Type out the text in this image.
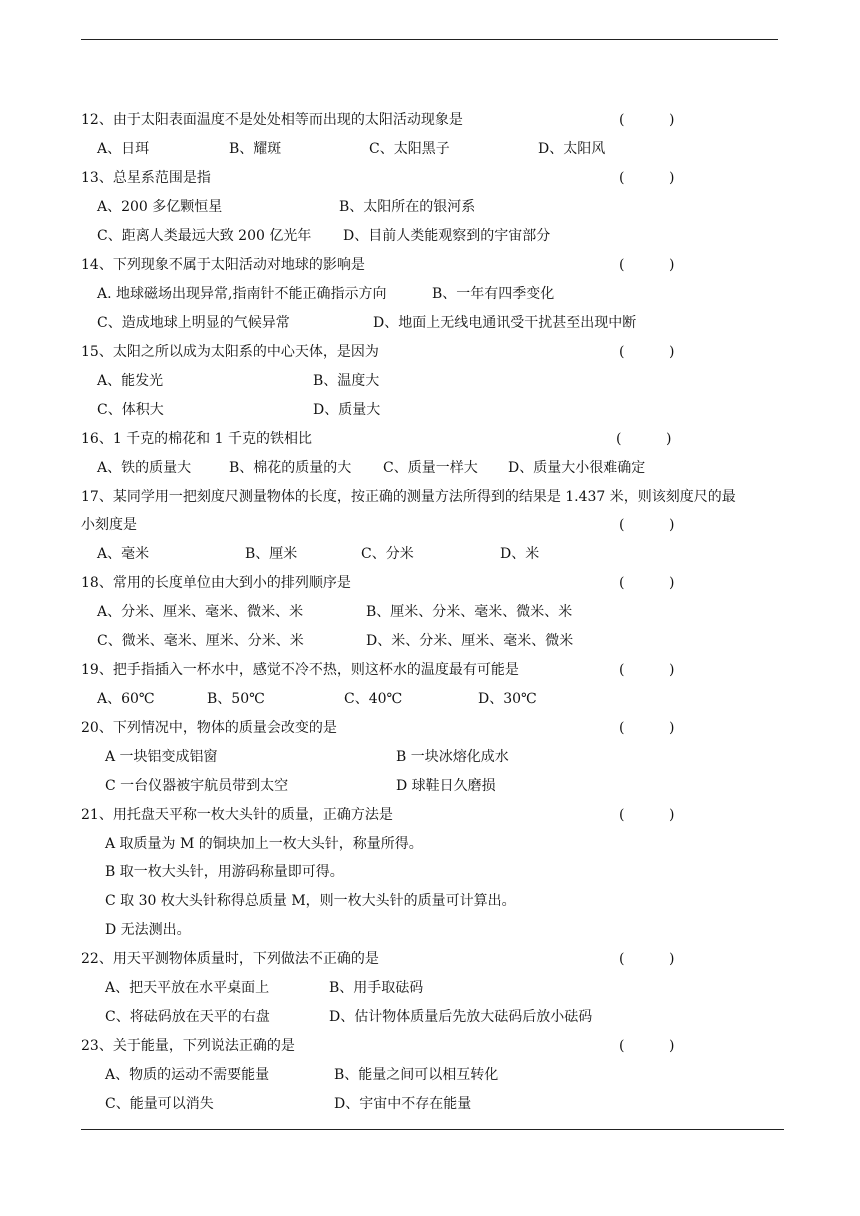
12、由于太阳表面温度不是处处相等而出现的太阳活动现象是	(          )
A、日珥	B、耀斑	C、太阳黑子	D、太阳风
13、总星系范围是指	(          )
A、200 多亿颗恒星	B、太阳所在的银河系
C、距离人类最远大致 200 亿光年 D、目前人类能观察到的宇宙部分
14、下列现象不属于太阳活动对地球的影响是	(          )
A. 地球磁场出现异常,指南针不能正确指示方向	B、一年有四季变化
C、造成地球上明显的气候异常	D、地面上无线电通讯受干扰甚至出现中断
15、太阳之所以成为太阳系的中心天体，是因为	(          )
A、能发光	B、温度大
C、体积大	D、质量大
16、1 千克的棉花和 1 千克的铁相比	(          )
A、铁的质量大	B、棉花的质量的大 C、质量一样大 D、质量大小很难确定
17、某同学用一把刻度尺测量物体的长度，按正确的测量方法所得到的结果是 1.437 米，则该刻度尺的最
小刻度是	(          )
A、毫米	B、厘米	C、分米	D、米
18、常用的长度单位由大到小的排列顺序是	(          )
A、分米、厘米、毫米、微米、米	B、厘米、分米、毫米、微米、米
C、微米、毫米、厘米、分米、米	D、米、分米、厘米、毫米、微米
19、把手指插入一杯水中，感觉不冷不热，则这杯水的温度最有可能是	(          )
A、60℃	B、50℃	C、40℃	D、30℃
20、下列情况中，物体的质量会改变的是	(          )
A 一块铝变成铝窗	B 一块冰熔化成水
C 一台仪器被宇航员带到太空	D 球鞋日久磨损
21、用托盘天平称一枚大头针的质量，正确方法是	(          )
A 取质量为 M 的铜块加上一枚大头针，称量所得。
B 取一枚大头针，用游码称量即可得。
C 取 30 枚大头针称得总质量 M，则一枚大头针的质量可计算出。
D 无法测出。
22、用天平测物体质量时，下列做法不正确的是	(          )
A、把天平放在水平桌面上	B、用手取砝码
C、将砝码放在天平的右盘	D、估计物体质量后先放大砝码后放小砝码
23、关于能量，下列说法正确的是	(          )
A、物质的运动不需要能量	B、能量之间可以相互转化
C、能量可以消失	D、宇宙中不存在能量
